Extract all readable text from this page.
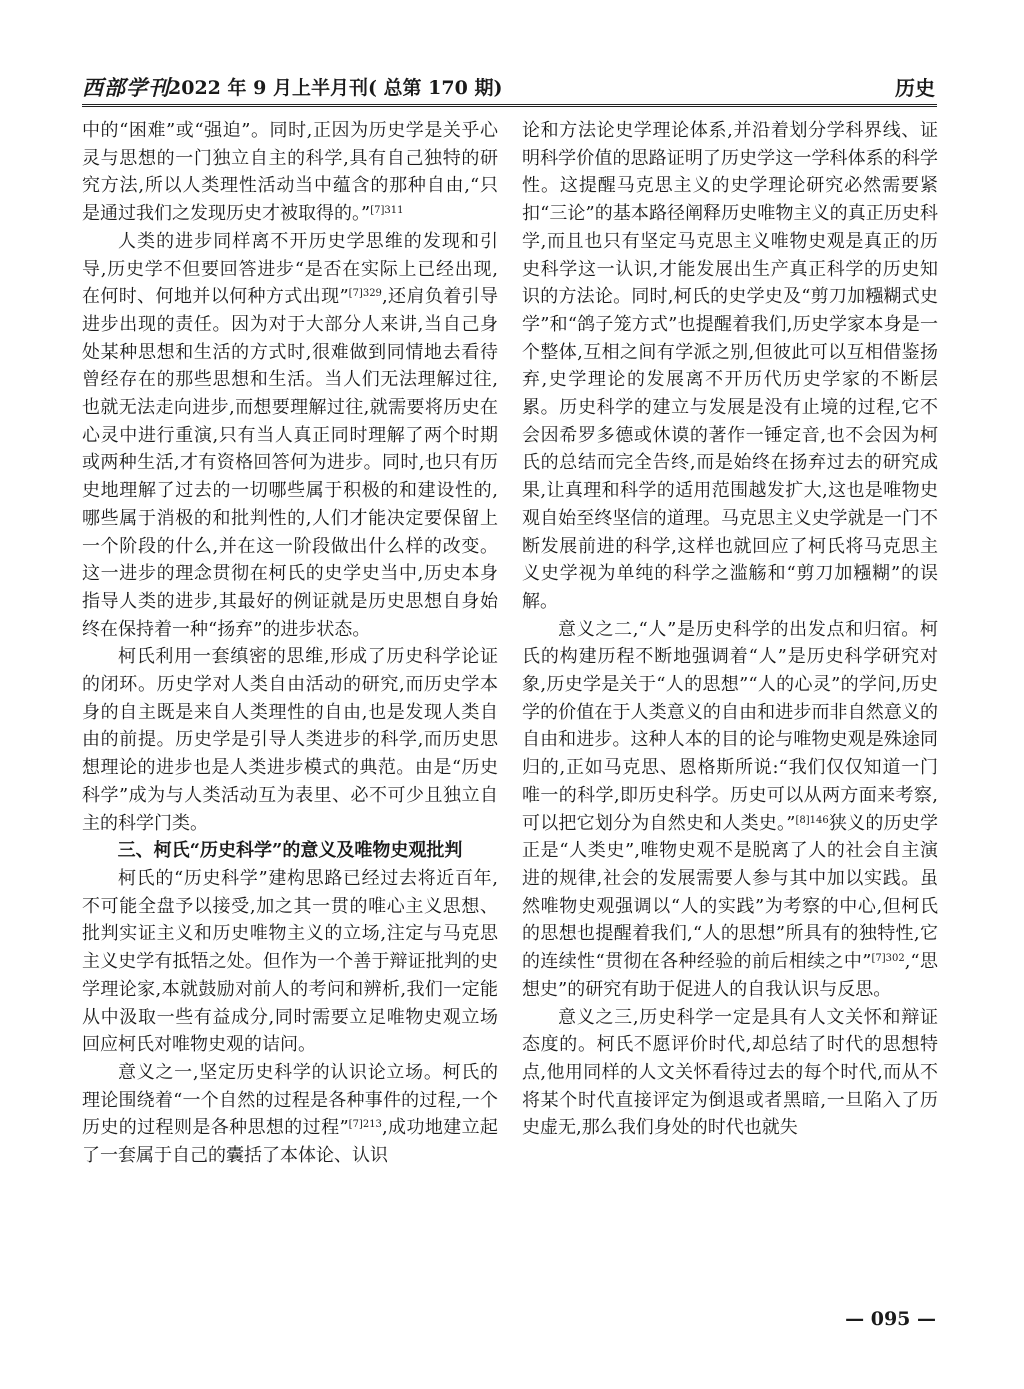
西部学刊
2022 年 9 月上半月刊( 总第 170 期)	历史

中的“困难”或“强迫”。同时,正因为历史学是关乎心灵与思想的一门独立自主的科学,具有自己独特的研究方法,所以人类理性活动当中蕴含的那种自由,“只是通过我们之发现历史才被取得的。”$^{[7]311}$

人类的进步同样离不开历史学思维的发现和引导,历史学不但要回答进步“是否在实际上已经出现,在何时、何地并以何种方式出现”$^{[7]329}$,还肩负着引导进步出现的责任。因为对于大部分人来讲,当自己身处某种思想和生活的方式时,很难做到同情地去看待曾经存在的那些思想和生活。当人们无法理解过往,也就无法走向进步,而想要理解过往,就需要将历史在心灵中进行重演,只有当人真正同时理解了两个时期或两种生活,才有资格回答何为进步。同时,也只有历史地理解了过去的一切哪些属于积极的和建设性的,哪些属于消极的和批判性的,人们才能决定要保留上一个阶段的什么,并在这一阶段做出什么样的改变。这一进步的理念贯彻在柯氏的史学史当中,历史本身指导人类的进步,其最好的例证就是历史思想自身始终在保持着一种“扬弃”的进步状态。

柯氏利用一套缜密的思维,形成了历史科学论证的闭环。历史学对人类自由活动的研究,而历史学本身的自主既是来自人类理性的自由,也是发现人类自由的前提。历史学是引导人类进步的科学,而历史思想理论的进步也是人类进步模式的典范。由是“历史科学”成为与人类活动互为表里、必不可少且独立自主的科学门类。

三、柯氏“历史科学”的意义及唯物史观批判

柯氏的“历史科学”建构思路已经过去将近百年,不可能全盘予以接受,加之其一贯的唯心主义思想、批判实证主义和历史唯物主义的立场,注定与马克思主义史学有抵牾之处。但作为一个善于辩证批判的史学理论家,本就鼓励对前人的考问和辨析,我们一定能从中汲取一些有益成分,同时需要立足唯物史观立场回应柯氏对唯物史观的诘问。

意义之一,坚定历史科学的认识论立场。柯氏的理论围绕着“一个自然的过程是各种事件的过程,一个历史的过程则是各种思想的过程”$^{[7]213}$,成功地建立起了一套属于自己的囊括了本体论、认识

论和方法论史学理论体系,并沿着划分学科界线、证明科学价值的思路证明了历史学这一学科体系的科学性。这提醒马克思主义的史学理论研究必然需要紧扣“三论”的基本路径阐释历史唯物主义的真正历史科学,而且也只有坚定马克思主义唯物史观是真正的历史科学这一认识,才能发展出生产真正科学的历史知识的方法论。同时,柯氏的史学史及“剪刀加糨糊式史学”和“鸽子笼方式”也提醒着我们,历史学家本身是一个整体,互相之间有学派之别,但彼此可以互相借鉴扬弃,史学理论的发展离不开历代历史学家的不断层累。历史科学的建立与发展是没有止境的过程,它不会因希罗多德或休谟的著作一锤定音,也不会因为柯氏的总结而完全告终,而是始终在扬弃过去的研究成果,让真理和科学的适用范围越发扩大,这也是唯物史观自始至终坚信的道理。马克思主义史学就是一门不断发展前进的科学,这样也就回应了柯氏将马克思主义史学视为单纯的科学之滥觞和“剪刀加糨糊”的误解。

意义之二,“人”是历史科学的出发点和归宿。柯氏的构建历程不断地强调着“人”是历史科学研究对象,历史学是关于“人的思想”“人的心灵”的学问,历史学的价值在于人类意义的自由和进步而非自然意义的自由和进步。这种人本的目的论与唯物史观是殊途同归的,正如马克思、恩格斯所说:“我们仅仅知道一门唯一的科学,即历史科学。历史可以从两方面来考察,可以把它划分为自然史和人类史。”$^{[8]146}$狭义的历史学正是“人类史”,唯物史观不是脱离了人的社会自主演进的规律,社会的发展需要人参与其中加以实践。虽然唯物史观强调以“人的实践”为考察的中心,但柯氏的思想也提醒着我们,“人的思想”所具有的独特性,它的连续性“贯彻在各种经验的前后相续之中”$^{[7]302}$,“思想史”的研究有助于促进人的自我认识与反思。

意义之三,历史科学一定是具有人文关怀和辩证态度的。柯氏不愿评价时代,却总结了时代的思想特点,他用同样的人文关怀看待过去的每个时代,而从不将某个时代直接评定为倒退或者黑暗,一旦陷入了历史虚无,那么我们身处的时代也就失

— 095 —
